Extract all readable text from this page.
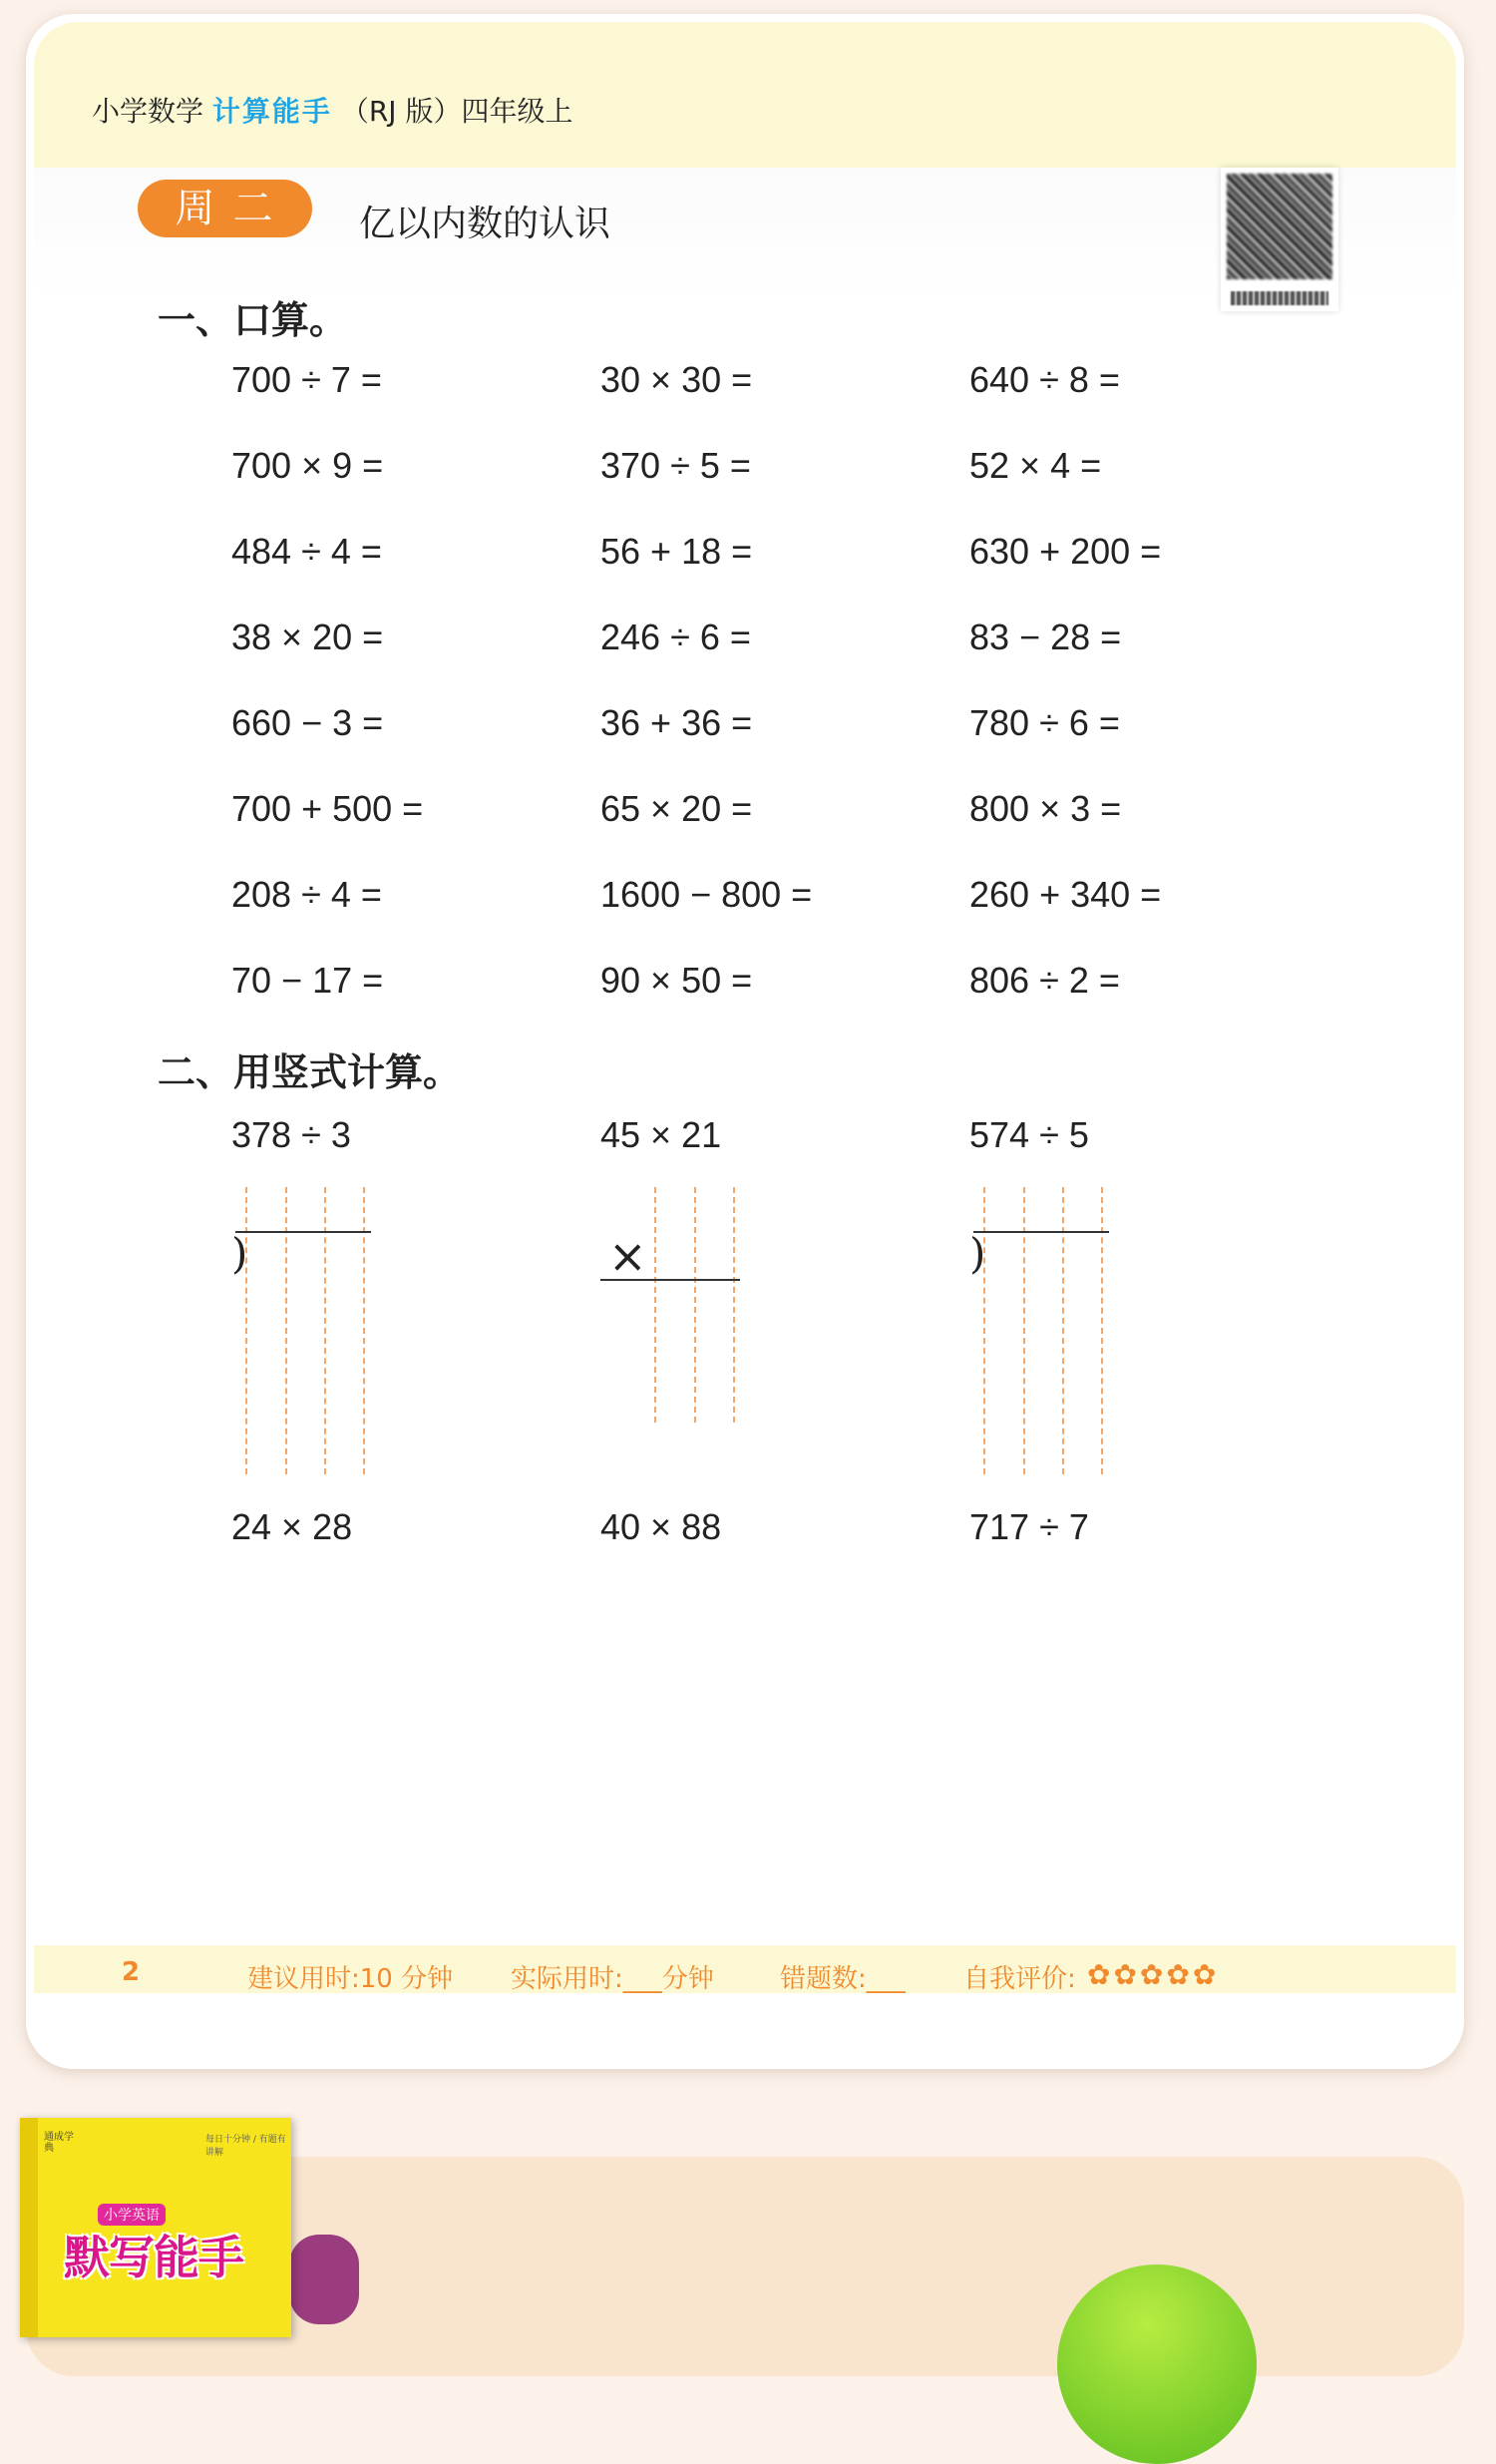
小学数学 计算能手 （RJ 版）四年级上
周二	亿以内数的认识
一、口算。
700 ÷ 7 =	30 × 30 =	640 ÷ 8 =
700 × 9 =	370 ÷ 5 =	52 × 4 =
484 ÷ 4 =	56 + 18 =	630 + 200 =
38 × 20 =	246 ÷ 6 =	83 − 28 =
660 − 3 =	36 + 36 =	780 ÷ 6 =
700 + 500 =	65 × 20 =	800 × 3 =
208 ÷ 4 =	1600 − 800 =	260 + 340 =
70 − 17 =	90 × 50 =	806 ÷ 2 =
二、用竖式计算。
378 ÷ 3	45 × 21	574 ÷ 5
)	×	)
24 × 28	40 × 88	717 ÷ 7
2	建议用时:10 分钟 实际用时:___分钟	错题数:___ 自我评价: ✿✿✿✿✿
通成学典
每日十分钟 / 有题有讲解
小学英语
默写能手
